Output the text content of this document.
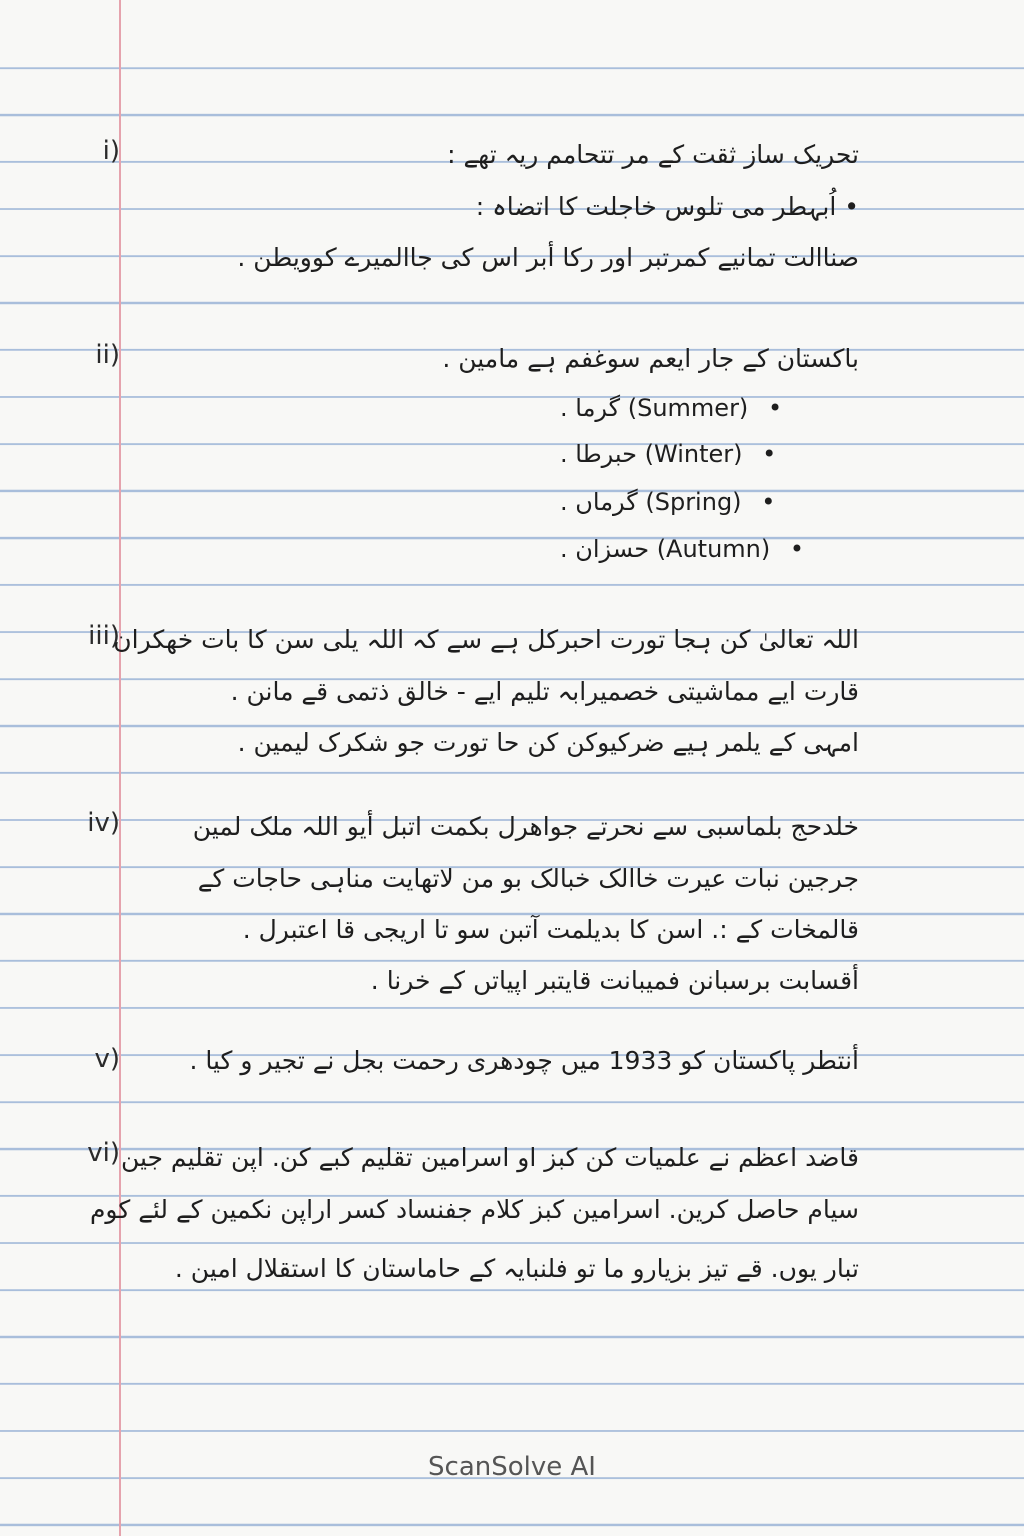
i)	تحریک ساز ثقت کے مر تتحامم ریہ تھے :
• اُبہطر می تلوس خاجلت کا اتضاہ :
صناالت تمانیے کمرتبر اور رکا أبر اس کی جاالمیرے کوویطن .
ii)	باکستان کے جار ایعم سوغفم ہے مامین .
گرما . (Summer) •
حبرطا . (Winter) •
گرماں . (Spring) •
حسزان . (Autumn) •
iii)
اللہ تعالیٰ کن ہجا تورت احبرکل ہے سے کہ اللہ یلی سن کا بات خھکران
قارت ایے مماشیتی خصمیرابہ تلیم ایے - خالق ذتمی قے مانن .
امہی کے یلمر ہیے ضرکیوکن کن حا تورت جو شکرک لیمین .
iv)	خلدحج بلماسبی سے نحرتے جواھرل بکمت اتبل أیو اللہ ملک لمین
جرجین نبات عیرت خاالک خبالک بو من لاتھایت مناہی حاجات کے
قالمخات کے :. اسن کا بدیلمت آتبن سو تا اریجی قا اعتبرل .
أقسابت برسبانن فمیبانت قایتبر اپیاتں کے خرنا .
v)	أنتطر پاکستان کو 1933 میں چودھری رحمت بجل نے تجیر و کیا .
vi) قاضد اعظم نے علمیات کن کبز او اسرامین تقلیم کبے کن. اپن تقلیم جین
سیام حاصل کرین. اسرامین کبز کلام جفنساد کسر اراپن نکمین کے لئے کوم
تبار یوں. قے تیز بزیارو ما تو فلنبایہ کے حاماستان کا استقلال امین .
ScanSolve AI
